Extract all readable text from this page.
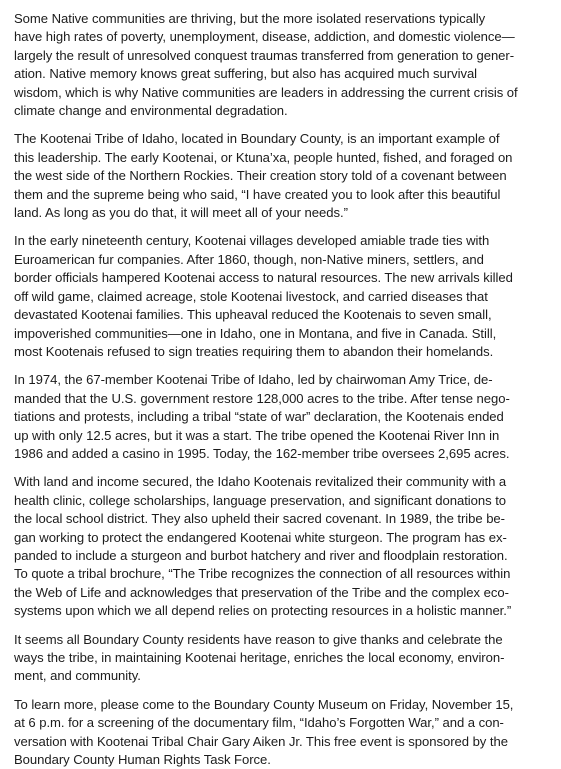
Some Native communities are thriving, but the more isolated reservations typically
have high rates of poverty, unemployment, disease, addiction, and domestic violence—
largely the result of unresolved conquest traumas transferred from generation to gener-
ation. Native memory knows great suffering, but also has acquired much survival
wisdom, which is why Native communities are leaders in addressing the current crisis of
climate change and environmental degradation.

The Kootenai Tribe of Idaho, located in Boundary County, is an important example of
this leadership. The early Kootenai, or Ktuna’xa, people hunted, fished, and foraged on
the west side of the Northern Rockies. Their creation story told of a covenant between
them and the supreme being who said, “I have created you to look after this beautiful
land. As long as you do that, it will meet all of your needs.”

In the early nineteenth century, Kootenai villages developed amiable trade ties with
Euroamerican fur companies. After 1860, though, non-Native miners, settlers, and
border officials hampered Kootenai access to natural resources. The new arrivals killed
off wild game, claimed acreage, stole Kootenai livestock, and carried diseases that
devastated Kootenai families. This upheaval reduced the Kootenais to seven small,
impoverished communities—one in Idaho, one in Montana, and five in Canada. Still,
most Kootenais refused to sign treaties requiring them to abandon their homelands.

In 1974, the 67-member Kootenai Tribe of Idaho, led by chairwoman Amy Trice, de-
manded that the U.S. government restore 128,000 acres to the tribe. After tense nego-
tiations and protests, including a tribal “state of war” declaration, the Kootenais ended
up with only 12.5 acres, but it was a start. The tribe opened the Kootenai River Inn in
1986 and added a casino in 1995. Today, the 162-member tribe oversees 2,695 acres.

With land and income secured, the Idaho Kootenais revitalized their community with a
health clinic, college scholarships, language preservation, and significant donations to
the local school district. They also upheld their sacred covenant. In 1989, the tribe be-
gan working to protect the endangered Kootenai white sturgeon. The program has ex-
panded to include a sturgeon and burbot hatchery and river and floodplain restoration.
To quote a tribal brochure, “The Tribe recognizes the connection of all resources within
the Web of Life and acknowledges that preservation of the Tribe and the complex eco-
systems upon which we all depend relies on protecting resources in a holistic manner.”

It seems all Boundary County residents have reason to give thanks and celebrate the
ways the tribe, in maintaining Kootenai heritage, enriches the local economy, environ-
ment, and community.

To learn more, please come to the Boundary County Museum on Friday, November 15,
at 6 p.m. for a screening of the documentary film, “Idaho’s Forgotten War,” and a con-
versation with Kootenai Tribal Chair Gary Aiken Jr. This free event is sponsored by the
Boundary County Human Rights Task Force.
